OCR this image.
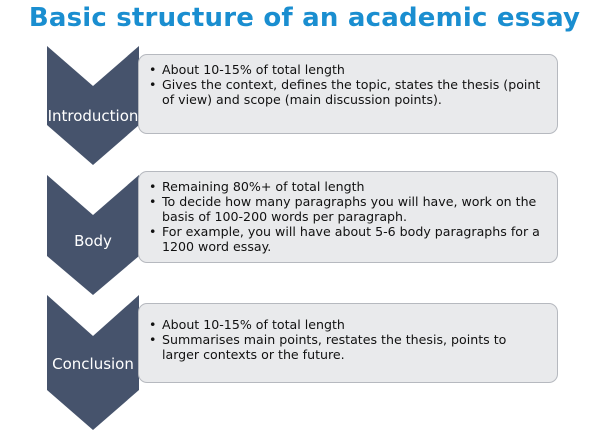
Basic structure of an academic essay
• About 10-15% of total length
• Gives the context, defines the topic, states the thesis (point of view) and scope (main discussion points).
• Remaining 80%+ of total length
• To decide how many paragraphs you will have, work on the basis of 100-200 words per paragraph.
• For example, you will have about 5-6 body paragraphs for a 1200 word essay.
• About 10-15% of total length
• Summarises main points, restates the thesis, points to larger contexts or the future.
Introduction
Body
Conclusion
